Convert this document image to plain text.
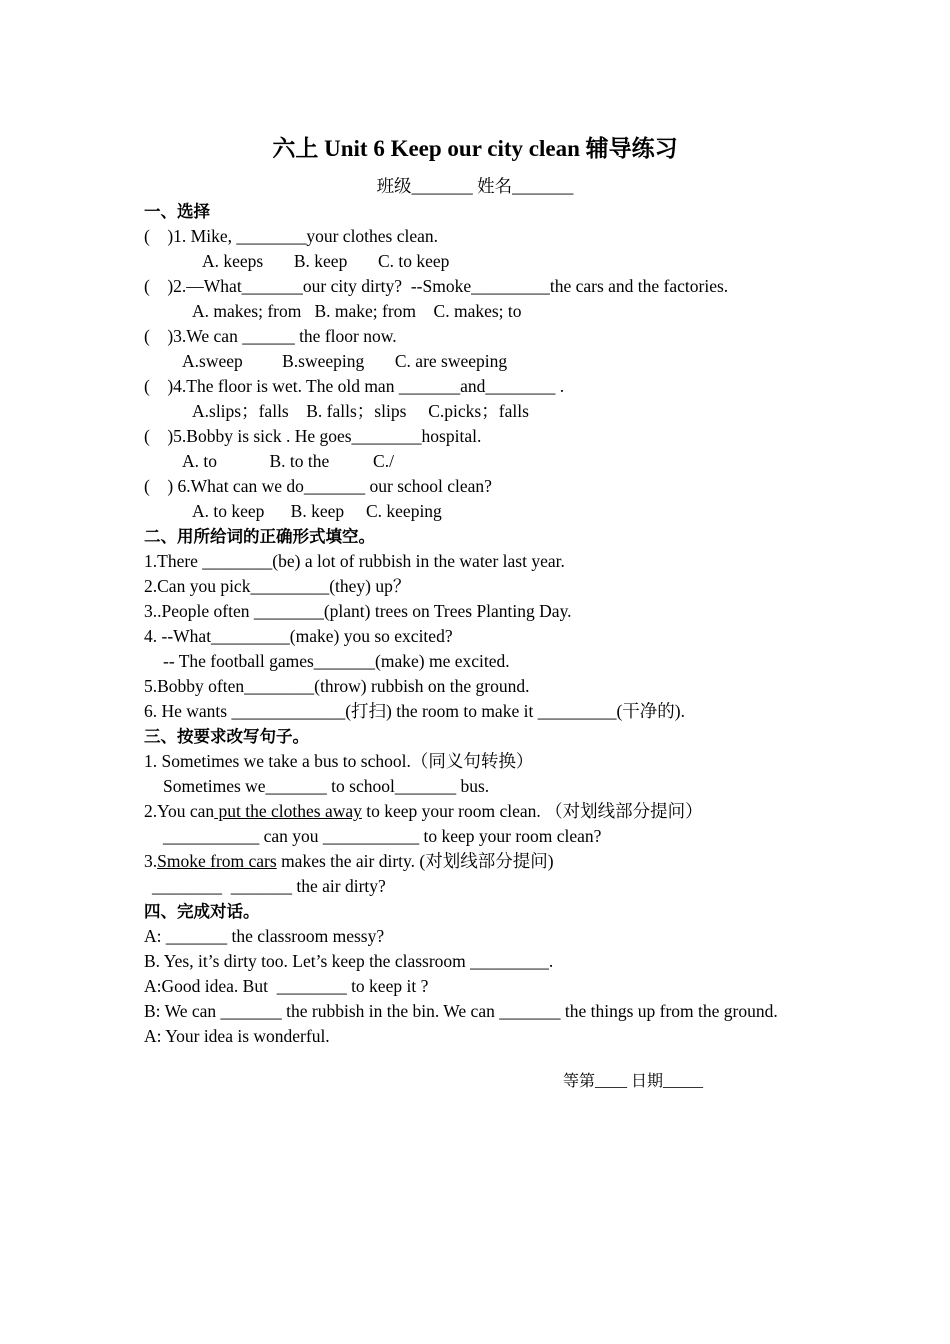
六上 Unit 6 Keep our city clean 辅导练习
班级_______ 姓名_______
一、选择
(    )1. Mike, ________your clothes clean.
A. keeps       B. keep       C. to keep
(    )2.—What_______our city dirty?  --Smoke_________the cars and the factories.
A. makes; from   B. make; from    C. makes; to
(    )3.We can ______ the floor now.
A.sweep         B.sweeping       C. are sweeping
(    )4.The floor is wet. The old man _______and________ .
A.slips；falls    B. falls；slips     C.picks；falls
(    )5.Bobby is sick . He goes________hospital.
A. to            B. to the          C./
(    ) 6.What can we do_______ our school clean?
A. to keep      B. keep     C. keeping
二、用所给词的正确形式填空。
1.There ________(be) a lot of rubbish in the water last year.
2.Can you pick_________(they) up？
3..People often ________(plant) trees on Trees Planting Day.
4. --What_________(make) you so excited?
-- The football games_______(make) me excited.
5.Bobby often________(throw) rubbish on the ground.
6. He wants _____________(打扫) the room to make it _________(干净的).
三、按要求改写句子。
1. Sometimes we take a bus to school.（同义句转换）
Sometimes we_______ to school_______ bus.
2.You can put the clothes away to keep your room clean. （对划线部分提问）
___________ can you ___________ to keep your room clean?
3.Smoke from cars makes the air dirty. (对划线部分提问)
________  _______ the air dirty?
四、完成对话。
A: _______ the classroom messy?
B. Yes, it’s dirty too. Let’s keep the classroom _________.
A:Good idea. But  ________ to keep it ?
B: We can _______ the rubbish in the bin. We can _______ the things up from the ground.
A: Your idea is wonderful.
等第____ 日期_____
